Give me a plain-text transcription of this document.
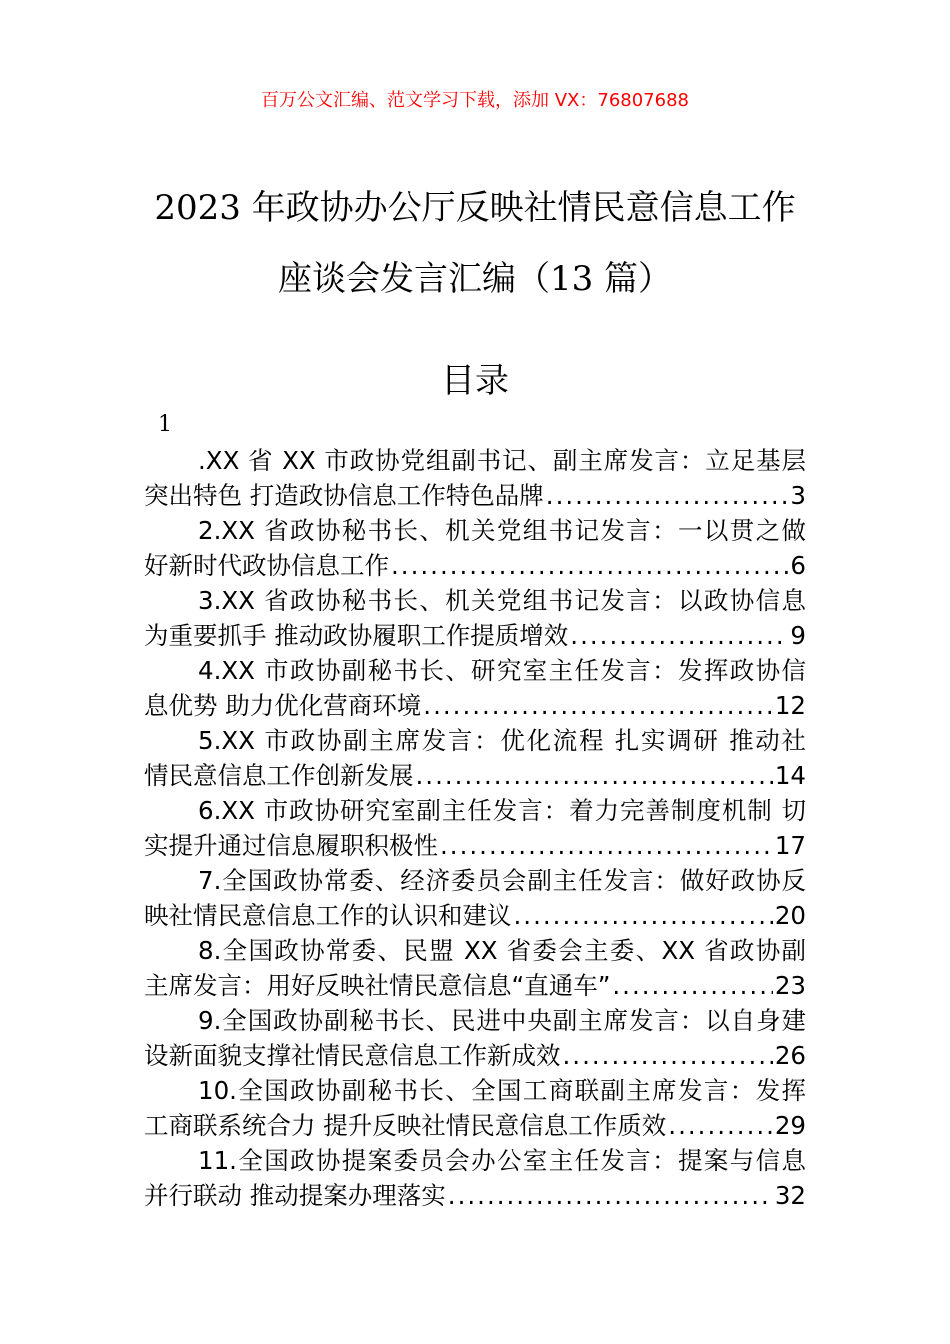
百万公文汇编、范文学习下载，添加 VX：76807688
2023 年政协办公厅反映社情民意信息工作
座谈会发言汇编（13 篇）
目录
1
.XX 省 XX 市政协党组副书记、副主席发言：立足基层
突出特色 打造政协信息工作特色品牌 .....	3
2.XX 省政协秘书长、机关党组书记发言：一以贯之做
好新时代政协信息工作 .....	6
3.XX 省政协秘书长、机关党组书记发言：以政协信息
为重要抓手 推动政协履职工作提质增效 .....	9
4.XX 市政协副秘书长、研究室主任发言：发挥政协信
息优势 助力优化营商环境 .....	12
5.XX 市政协副主席发言：优化流程 扎实调研 推动社
情民意信息工作创新发展 .....	14
6.XX 市政协研究室副主任发言：着力完善制度机制 切
实提升通过信息履职积极性 .....	17
7.全国政协常委、经济委员会副主任发言：做好政协反
映社情民意信息工作的认识和建议 .....	20
8.全国政协常委、民盟 XX 省委会主委、XX 省政协副
主席发言：用好反映社情民意信息“直通车” .....	23
9.全国政协副秘书长、民进中央副主席发言：以自身建
设新面貌支撑社情民意信息工作新成效 .....	26
10.全国政协副秘书长、全国工商联副主席发言：发挥
工商联系统合力 提升反映社情民意信息工作质效 .....	29
11.全国政协提案委员会办公室主任发言：提案与信息
并行联动 推动提案办理落实 .....	32
